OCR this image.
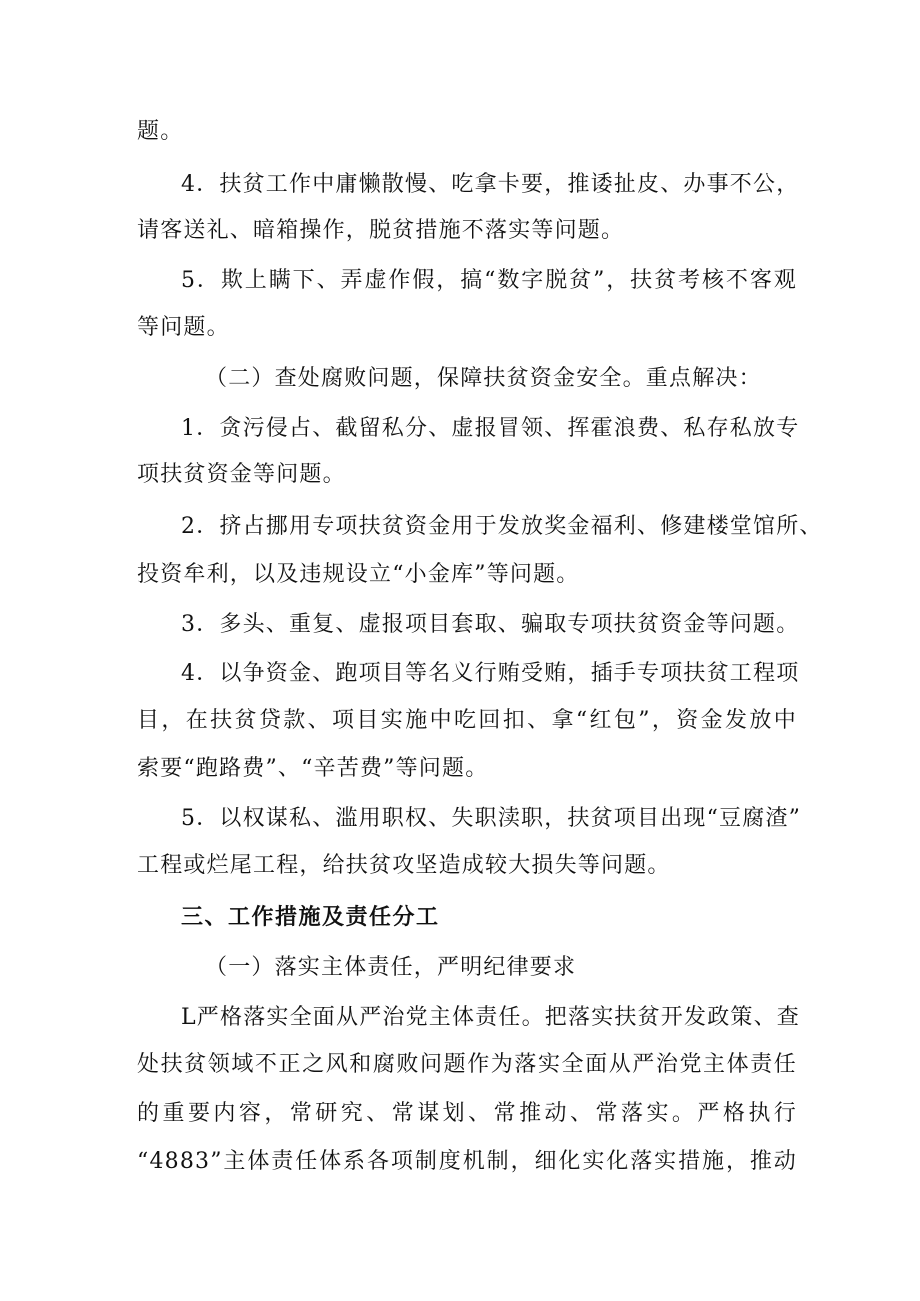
题。
4．扶贫工作中庸懒散慢、吃拿卡要，推诿扯皮、办事不公，
请客送礼、暗箱操作，脱贫措施不落实等问题。
5．欺上瞒下、弄虚作假，搞“数字脱贫”，扶贫考核不客观
等问题。
（二）查处腐败问题，保障扶贫资金安全。重点解决：
1．贪污侵占、截留私分、虚报冒领、挥霍浪费、私存私放专
项扶贫资金等问题。
2．挤占挪用专项扶贫资金用于发放奖金福利、修建楼堂馆所、
投资牟利，以及违规设立“小金库”等问题。
3．多头、重复、虚报项目套取、骗取专项扶贫资金等问题。
4．以争资金、跑项目等名义行贿受贿，插手专项扶贫工程项
目，在扶贫贷款、项目实施中吃回扣、拿“红包”，资金发放中
索要“跑路费”、“辛苦费”等问题。
5．以权谋私、滥用职权、失职渎职，扶贫项目出现“豆腐渣”
工程或烂尾工程，给扶贫攻坚造成较大损失等问题。
三、工作措施及责任分工
（一）落实主体责任，严明纪律要求
L严格落实全面从严治党主体责任。把落实扶贫开发政策、查
处扶贫领域不正之风和腐败问题作为落实全面从严治党主体责任
的重要内容，常研究、常谋划、常推动、常落实。严格执行
“4883”主体责任体系各项制度机制，细化实化落实措施，推动
